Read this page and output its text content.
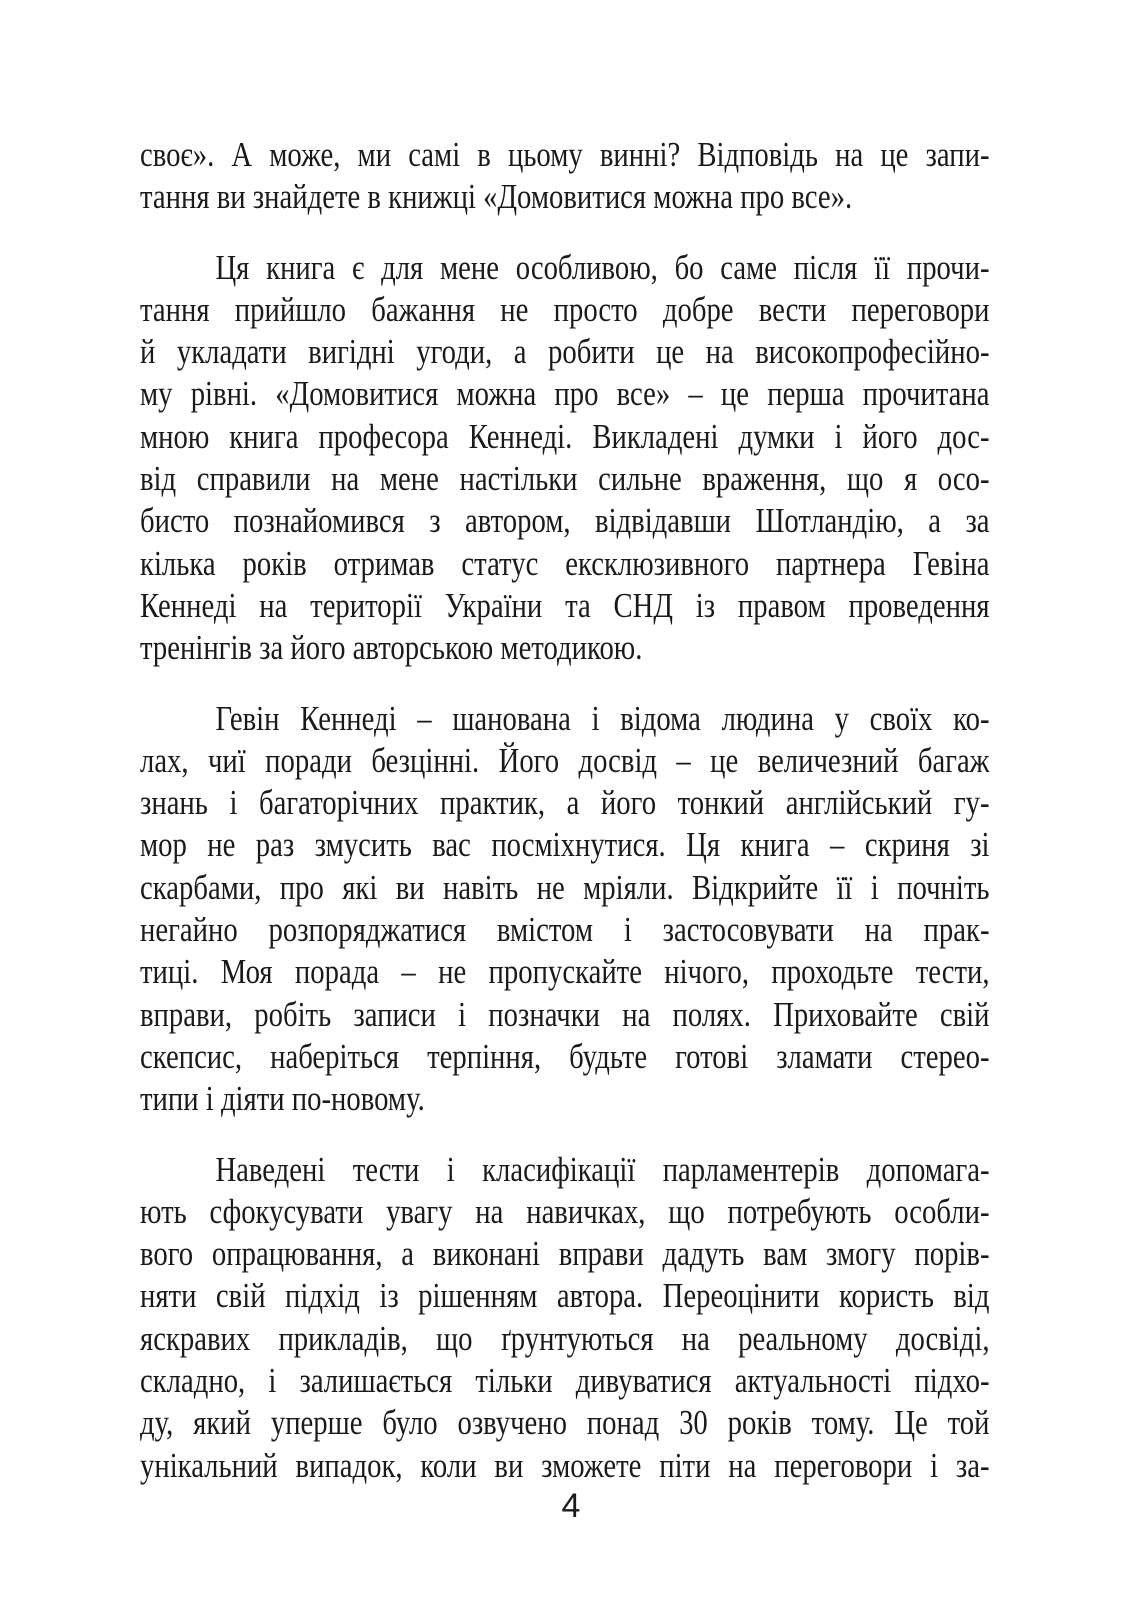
своє». А може, ми самі в цьому винні? Відповідь на це запи-
тання ви знайдете в книжці «Домовитися можна про все».
Ця книга є для мене особливою, бо саме після її прочи-
тання прийшло бажання не просто добре вести переговори
й укладати вигідні угоди, а робити це на високопрофесійно-
му рівні. «Домовитися можна про все» – це перша прочитана
мною книга професора Кеннеді. Викладені думки і його дос-
від справили на мене настільки сильне враження, що я осо-
бисто познайомився з автором, відвідавши Шотландію, а за
кілька років отримав статус ексклюзивного партнера Гевіна
Кеннеді на території України та СНД із правом проведення
тренінгів за його авторською методикою.
Гевін Кеннеді – шанована і відома людина у своїх ко-
лах, чиї поради безцінні. Його досвід – це величезний багаж
знань і багаторічних практик, а його тонкий англійський гу-
мор не раз змусить вас посміхнутися. Ця книга – скриня зі
скарбами, про які ви навіть не мріяли. Відкрийте її і почніть
негайно розпоряджатися вмістом і застосовувати на прак-
тиці. Моя порада – не пропускайте нічого, проходьте тести,
вправи, робіть записи і позначки на полях. Приховайте свій
скепсис, наберіться терпіння, будьте готові зламати стерео-
типи і діяти по-новому.
Наведені тести і класифікації парламентерів допомага-
ють сфокусувати увагу на навичках, що потребують особли-
вого опрацювання, а виконані вправи дадуть вам змогу порів-
няти свій підхід із рішенням автора. Переоцінити користь від
яскравих прикладів, що ґрунтуються на реальному досвіді,
складно, і залишається тільки дивуватися актуальності підхо-
ду, який уперше було озвучено понад 30 років тому. Це той
унікальний випадок, коли ви зможете піти на переговори і за-
4
